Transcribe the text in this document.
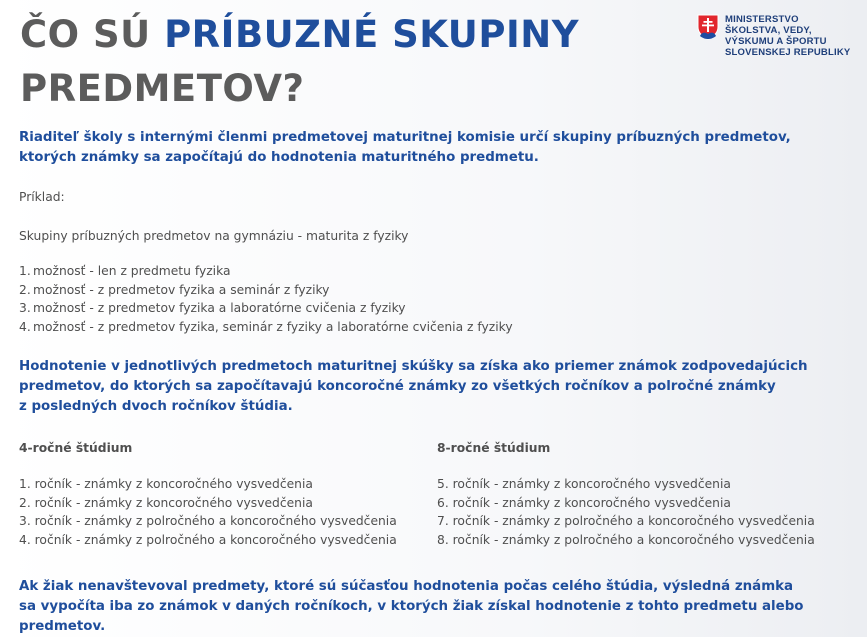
ČO SÚ PRÍBUZNÉ SKUPINY
PREDMETOV?
MINISTERSTVO
ŠKOLSTVA, VEDY,
VÝSKUMU A ŠPORTU
SLOVENSKEJ REPUBLIKY

Riaditeľ školy s internými členmi predmetovej maturitnej komisie určí skupiny príbuzných predmetov,
ktorých známky sa započítajú do hodnotenia maturitného predmetu.

Príklad:

Skupiny príbuzných predmetov na gymnáziu - maturita z fyziky

1. možnosť - len z predmetu fyzika
2. možnosť - z predmetov fyzika a seminár z fyziky
3. možnosť - z predmetov fyzika a laboratórne cvičenia z fyziky
4. možnosť - z predmetov fyzika, seminár z fyziky a laboratórne cvičenia z fyziky

Hodnotenie v jednotlivých predmetoch maturitnej skúšky sa získa ako priemer známok zodpovedajúcich
predmetov, do ktorých sa započítavajú koncoročné známky zo všetkých ročníkov a polročné známky
z posledných dvoch ročníkov štúdia.

4-ročné štúdium
1. ročník - známky z koncoročného vysvedčenia
2. ročník - známky z koncoročného vysvedčenia
3. ročník - známky z polročného a koncoročného vysvedčenia
4. ročník - známky z polročného a koncoročného vysvedčenia
8-ročné štúdium
5. ročník - známky z koncoročného vysvedčenia
6. ročník - známky z koncoročného vysvedčenia
7. ročník - známky z polročného a koncoročného vysvedčenia
8. ročník - známky z polročného a koncoročného vysvedčenia

Ak žiak nenavštevoval predmety, ktoré sú súčasťou hodnotenia počas celého štúdia, výsledná známka
sa vypočíta iba zo známok v daných ročníkoch, v ktorých žiak získal hodnotenie z tohto predmetu alebo predmetov.
